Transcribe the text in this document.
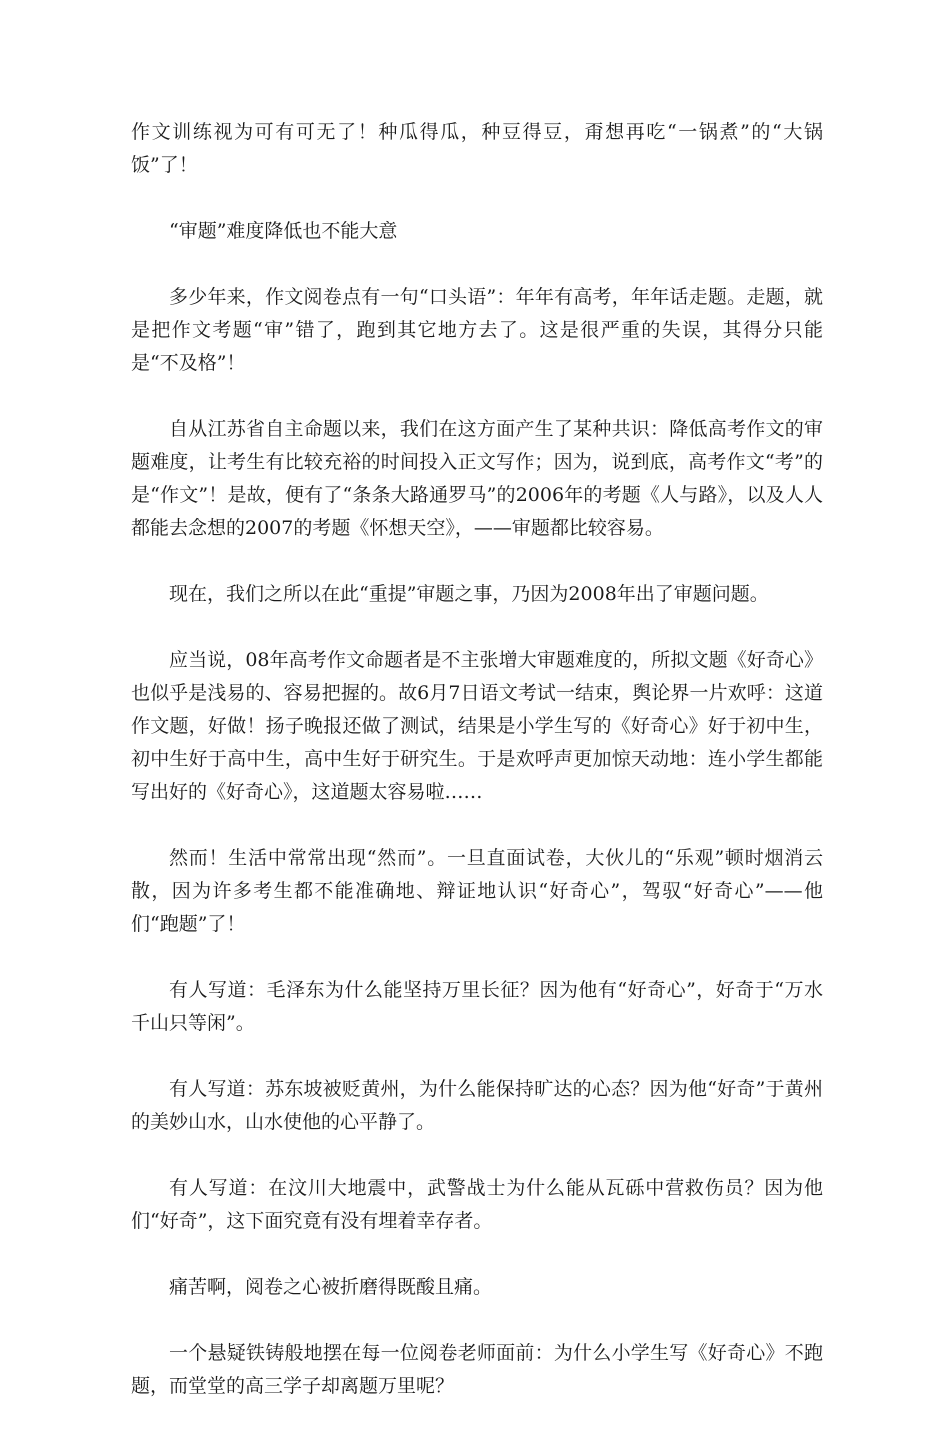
作文训练视为可有可无了！种瓜得瓜，种豆得豆，甭想再吃“一锅煮”的“大锅饭”了！

“审题”难度降低也不能大意

多少年来，作文阅卷点有一句“口头语”：年年有高考，年年话走题。走题，就是把作文考题“审”错了，跑到其它地方去了。这是很严重的失误，其得分只能是“不及格”！

自从江苏省自主命题以来，我们在这方面产生了某种共识：降低高考作文的审题难度，让考生有比较充裕的时间投入正文写作；因为，说到底，高考作文“考”的是“作文”！是故，便有了“条条大路通罗马”的2006年的考题《人与路》，以及人人都能去念想的2007的考题《怀想天空》，——审题都比较容易。

现在，我们之所以在此“重提”审题之事，乃因为2008年出了审题问题。

应当说，08年高考作文命题者是不主张增大审题难度的，所拟文题《好奇心》也似乎是浅易的、容易把握的。故6月7日语文考试一结束，舆论界一片欢呼：这道作文题，好做！扬子晚报还做了测试，结果是小学生写的《好奇心》好于初中生，初中生好于高中生，高中生好于研究生。于是欢呼声更加惊天动地：连小学生都能写出好的《好奇心》，这道题太容易啦……

然而！生活中常常出现“然而”。一旦直面试卷，大伙儿的“乐观”顿时烟消云散，因为许多考生都不能准确地、辩证地认识“好奇心”，驾驭“好奇心”——他们“跑题”了！

有人写道：毛泽东为什么能坚持万里长征？因为他有“好奇心”，好奇于“万水千山只等闲”。

有人写道：苏东坡被贬黄州，为什么能保持旷达的心态？因为他“好奇”于黄州的美妙山水，山水使他的心平静了。

有人写道：在汶川大地震中，武警战士为什么能从瓦砾中营救伤员？因为他们“好奇”，这下面究竟有没有埋着幸存者。

痛苦啊，阅卷之心被折磨得既酸且痛。

一个悬疑铁铸般地摆在每一位阅卷老师面前：为什么小学生写《好奇心》不跑题，而堂堂的高三学子却离题万里呢？
